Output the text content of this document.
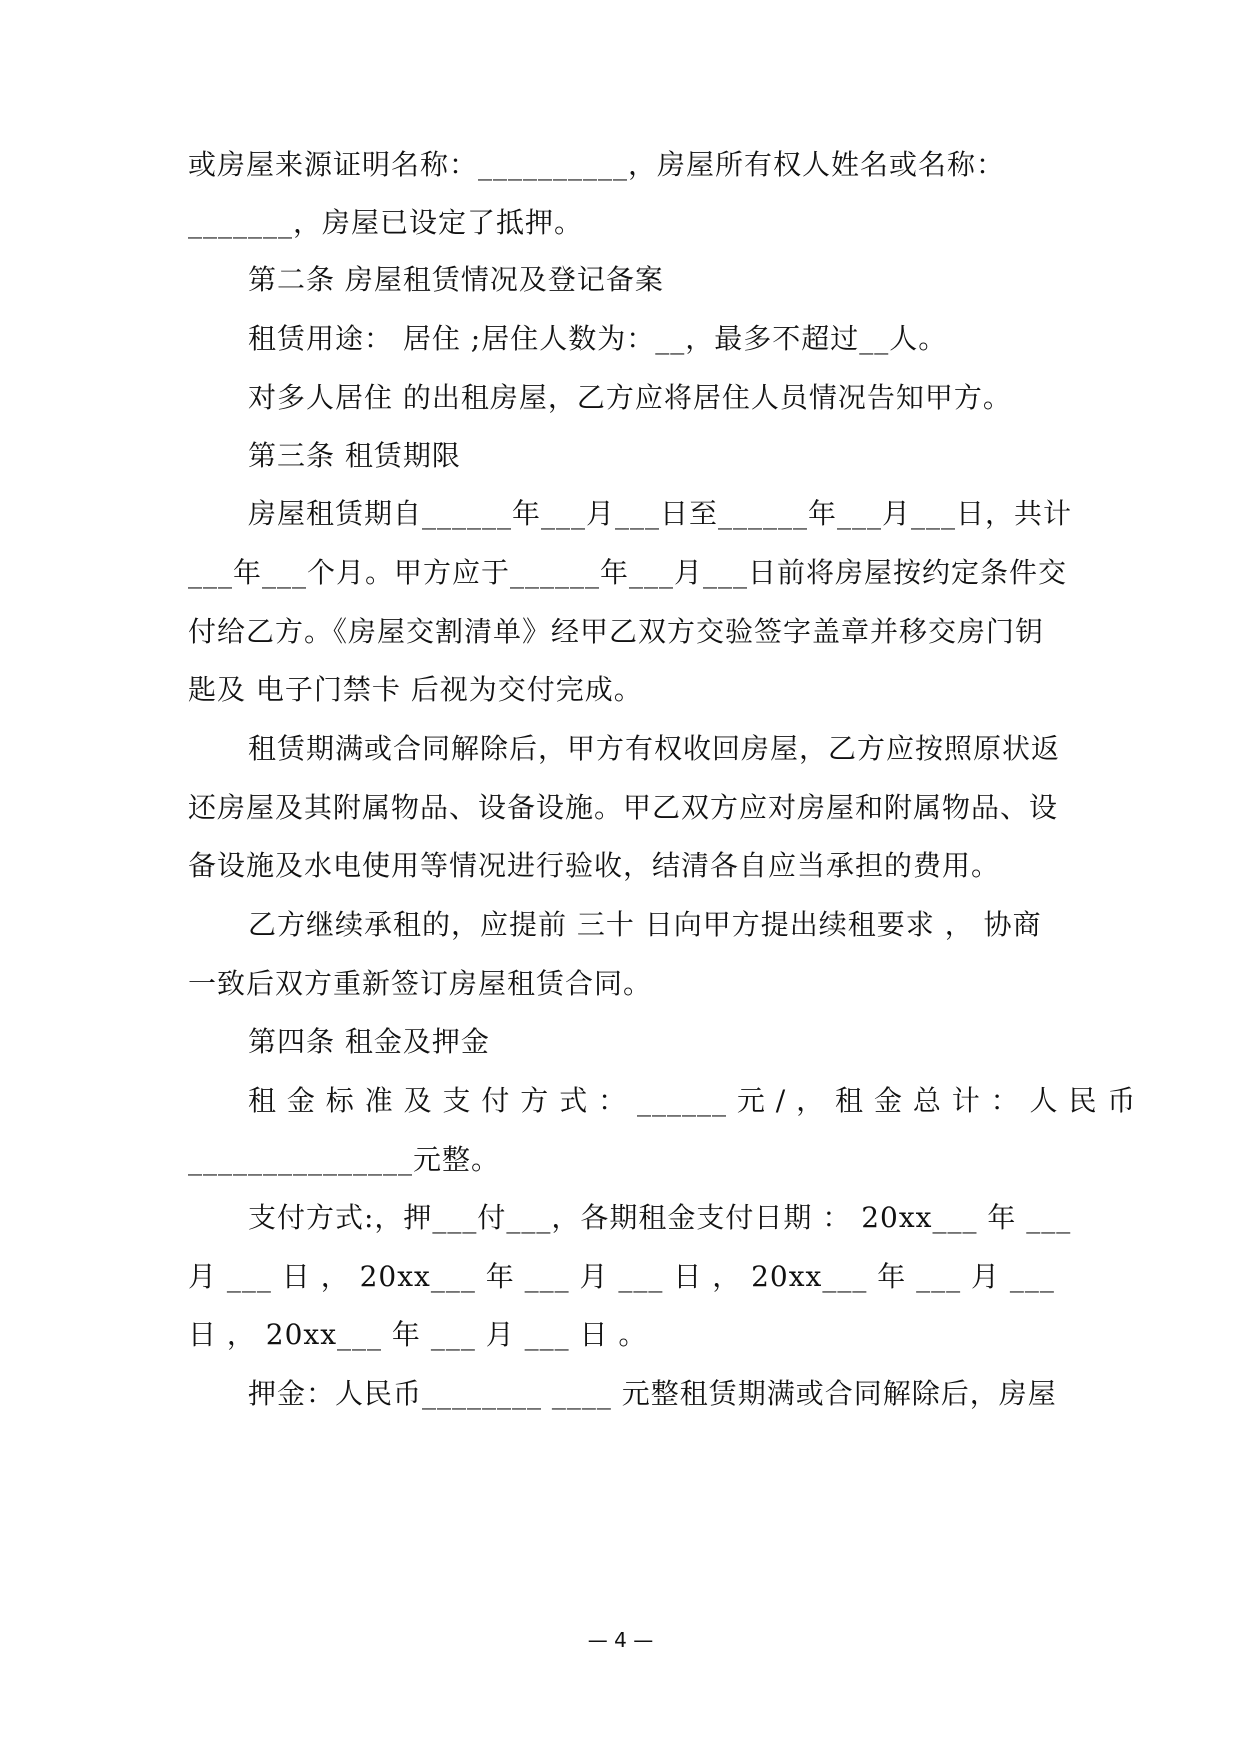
或房屋来源证明名称：__________，房屋所有权人姓名或名称：
_______，房屋已设定了抵押。
第二条 房屋租赁情况及登记备案
租赁用途： 居住 ;居住人数为：__，最多不超过__人。
对多人居住 的出租房屋，乙方应将居住人员情况告知甲方。
第三条 租赁期限
房屋租赁期自______年___月___日至______年___月___日，共计
___年___个月。甲方应于______年___月___日前将房屋按约定条件交
付给乙方。《房屋交割清单》经甲乙双方交验签字盖章并移交房门钥
匙及 电子门禁卡 后视为交付完成。
租赁期满或合同解除后，甲方有权收回房屋，乙方应按照原状返
还房屋及其附属物品、设备设施。甲乙双方应对房屋和附属物品、设
备设施及水电使用等情况进行验收，结清各自应当承担的费用。
乙方继续承租的，应提前 三十 日向甲方提出续租要求 ， 协商
一致后双方重新签订房屋租赁合同。
第四条 租金及押金
租 金 标 准 及 支 付 方 式 ： ______ 元 / ， 租 金 总 计 ： 人 民 币
_______________元整。
支付方式:，押___付___，各期租金支付日期 ： 20xx___ 年 ___
月 ___ 日 ， 20xx___ 年 ___ 月 ___ 日 ， 20xx___ 年 ___ 月 ___
日 ， 20xx___ 年 ___ 月 ___ 日 。
押金：人民币________ ____ 元整租赁期满或合同解除后，房屋
— 4 —
